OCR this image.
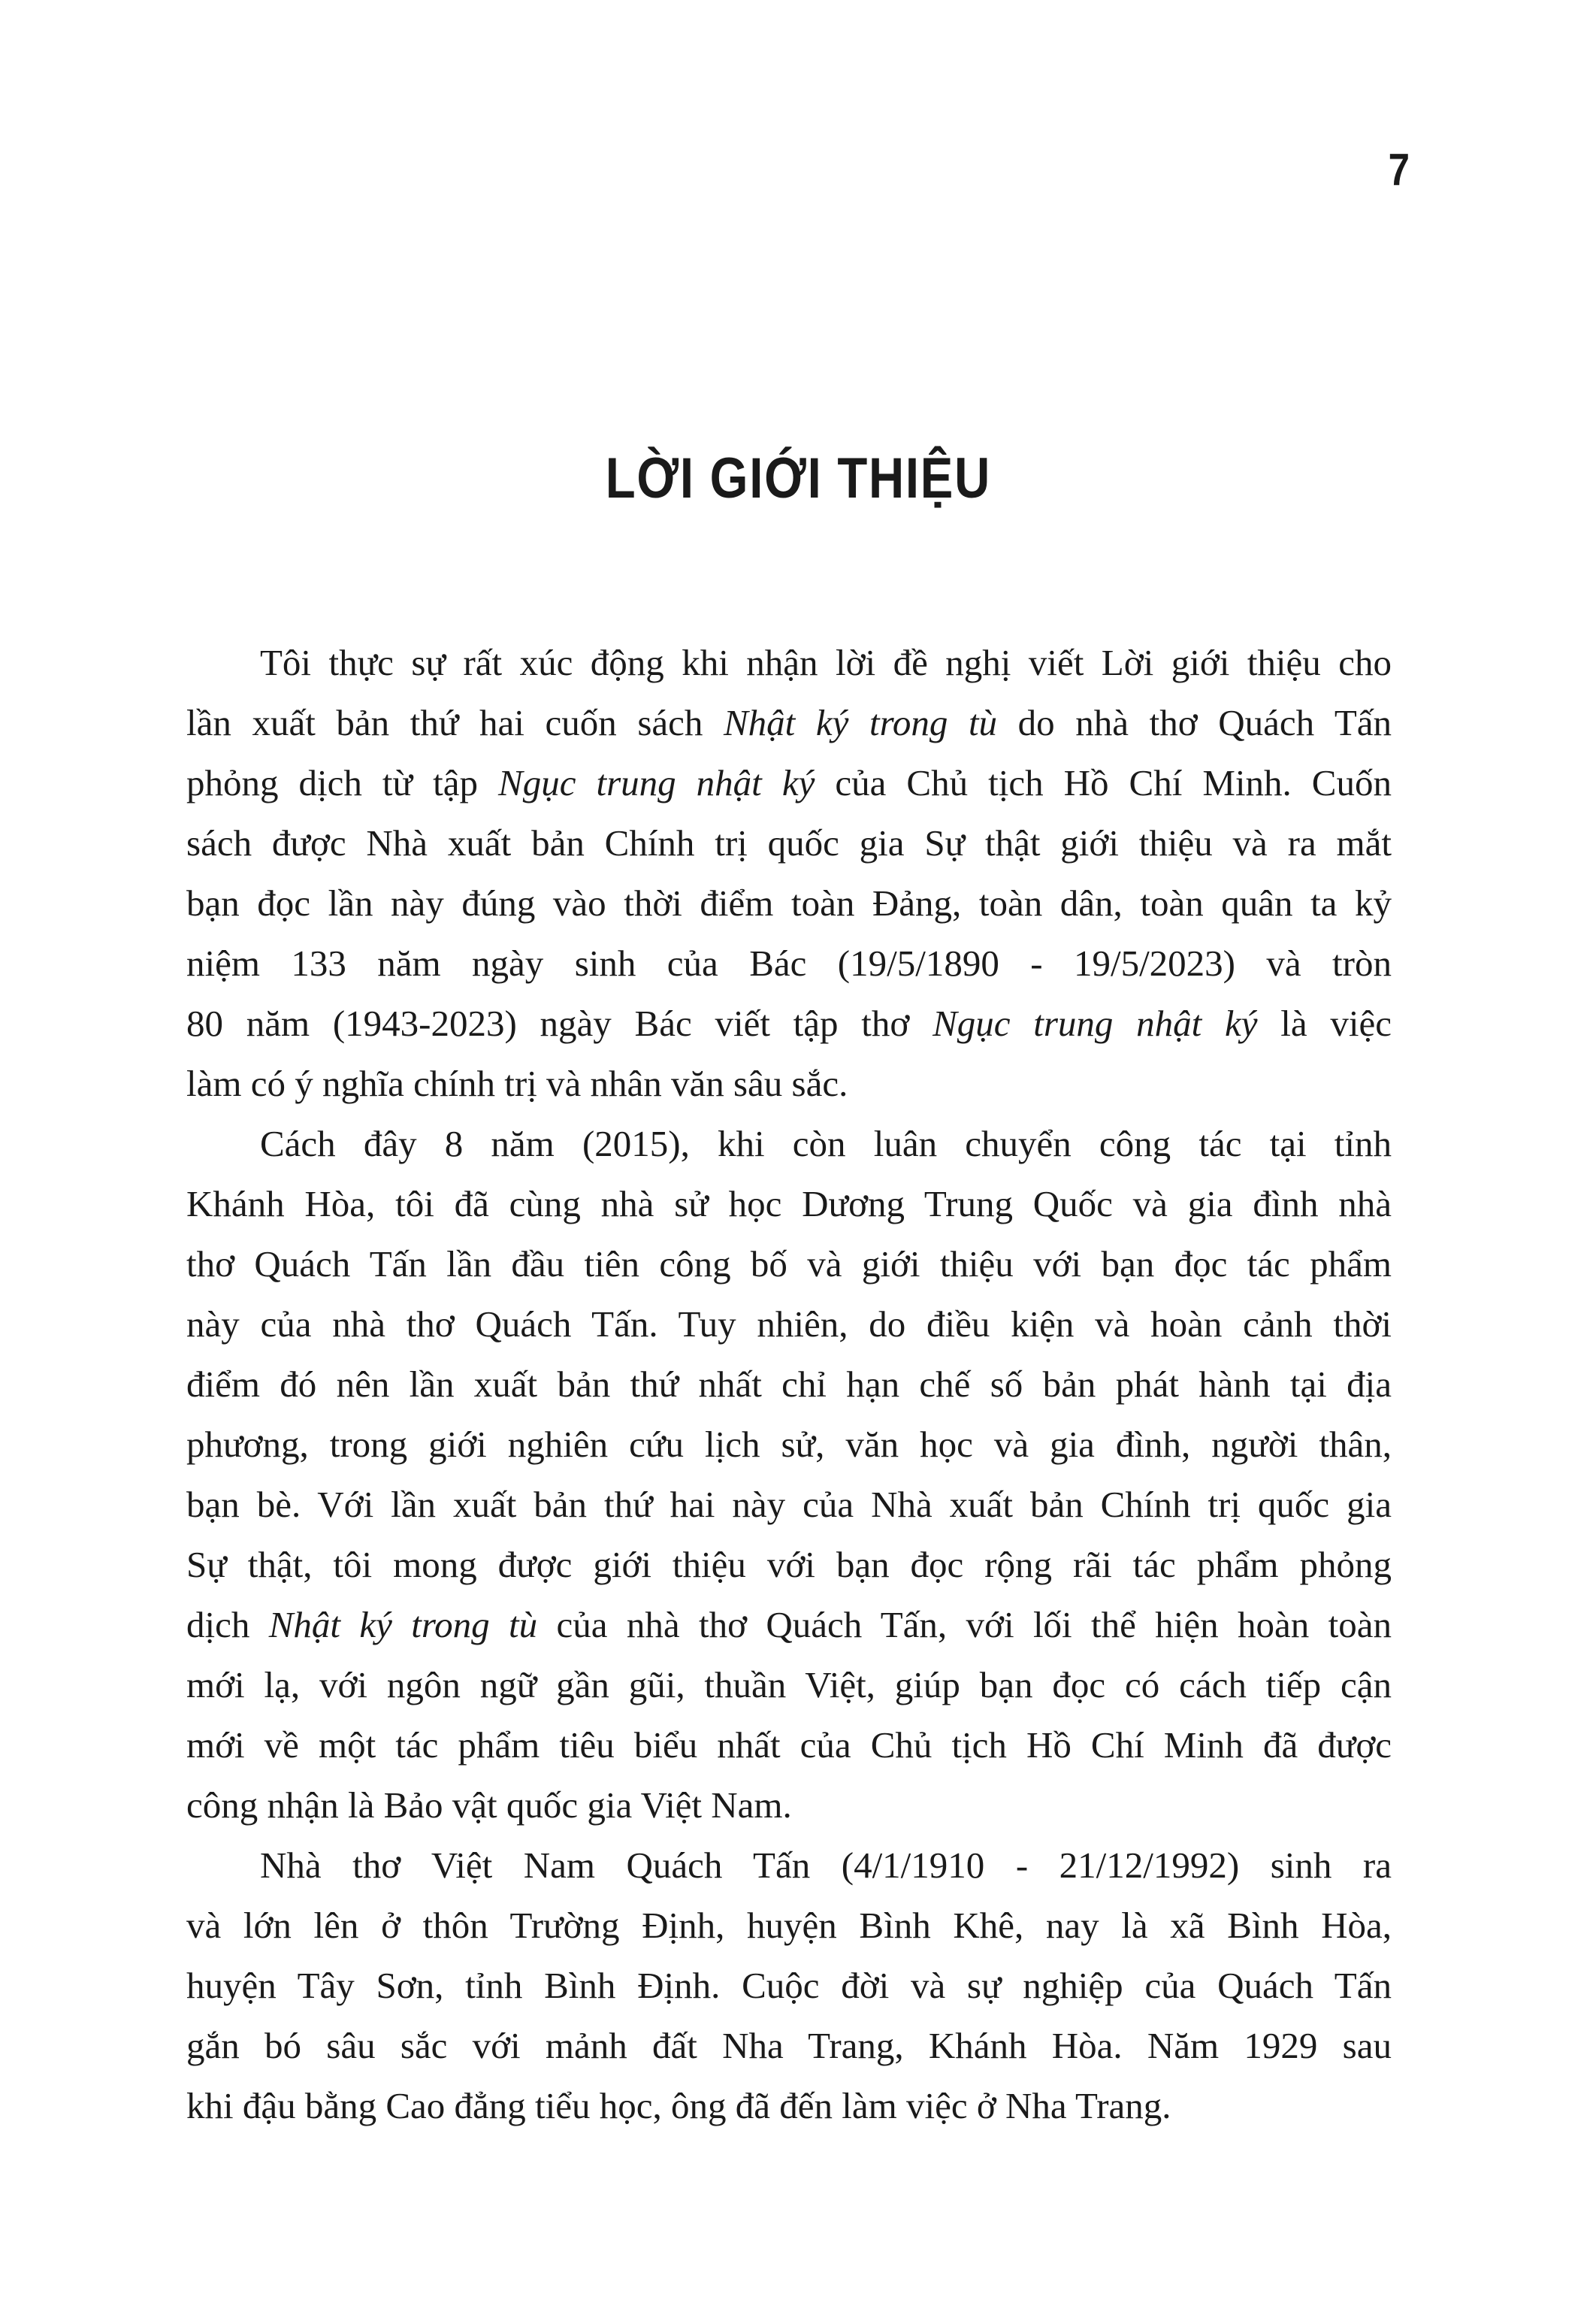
7
LỜI GIỚI THIỆU
Tôi thực sự rất xúc động khi nhận lời đề nghị viết Lời giới thiệu cho
lần xuất bản thứ hai cuốn sách Nhật ký trong tù do nhà thơ Quách Tấn
phỏng dịch từ tập Ngục trung nhật ký của Chủ tịch Hồ Chí Minh. Cuốn
sách được Nhà xuất bản Chính trị quốc gia Sự thật giới thiệu và ra mắt
bạn đọc lần này đúng vào thời điểm toàn Đảng, toàn dân, toàn quân ta kỷ
niệm 133 năm ngày sinh của Bác (19/5/1890 - 19/5/2023) và tròn
80 năm (1943-2023) ngày Bác viết tập thơ Ngục trung nhật ký là việc
làm có ý nghĩa chính trị và nhân văn sâu sắc.
Cách đây 8 năm (2015), khi còn luân chuyển công tác tại tỉnh
Khánh Hòa, tôi đã cùng nhà sử học Dương Trung Quốc và gia đình nhà
thơ Quách Tấn lần đầu tiên công bố và giới thiệu với bạn đọc tác phẩm
này của nhà thơ Quách Tấn. Tuy nhiên, do điều kiện và hoàn cảnh thời
điểm đó nên lần xuất bản thứ nhất chỉ hạn chế số bản phát hành tại địa
phương, trong giới nghiên cứu lịch sử, văn học và gia đình, người thân,
bạn bè. Với lần xuất bản thứ hai này của Nhà xuất bản Chính trị quốc gia
Sự thật, tôi mong được giới thiệu với bạn đọc rộng rãi tác phẩm phỏng
dịch Nhật ký trong tù của nhà thơ Quách Tấn, với lối thể hiện hoàn toàn
mới lạ, với ngôn ngữ gần gũi, thuần Việt, giúp bạn đọc có cách tiếp cận
mới về một tác phẩm tiêu biểu nhất của Chủ tịch Hồ Chí Minh đã được
công nhận là Bảo vật quốc gia Việt Nam.
Nhà thơ Việt Nam Quách Tấn (4/1/1910 - 21/12/1992) sinh ra
và lớn lên ở thôn Trường Định, huyện Bình Khê, nay là xã Bình Hòa,
huyện Tây Sơn, tỉnh Bình Định. Cuộc đời và sự nghiệp của Quách Tấn
gắn bó sâu sắc với mảnh đất Nha Trang, Khánh Hòa. Năm 1929 sau
khi đậu bằng Cao đẳng tiểu học, ông đã đến làm việc ở Nha Trang.
